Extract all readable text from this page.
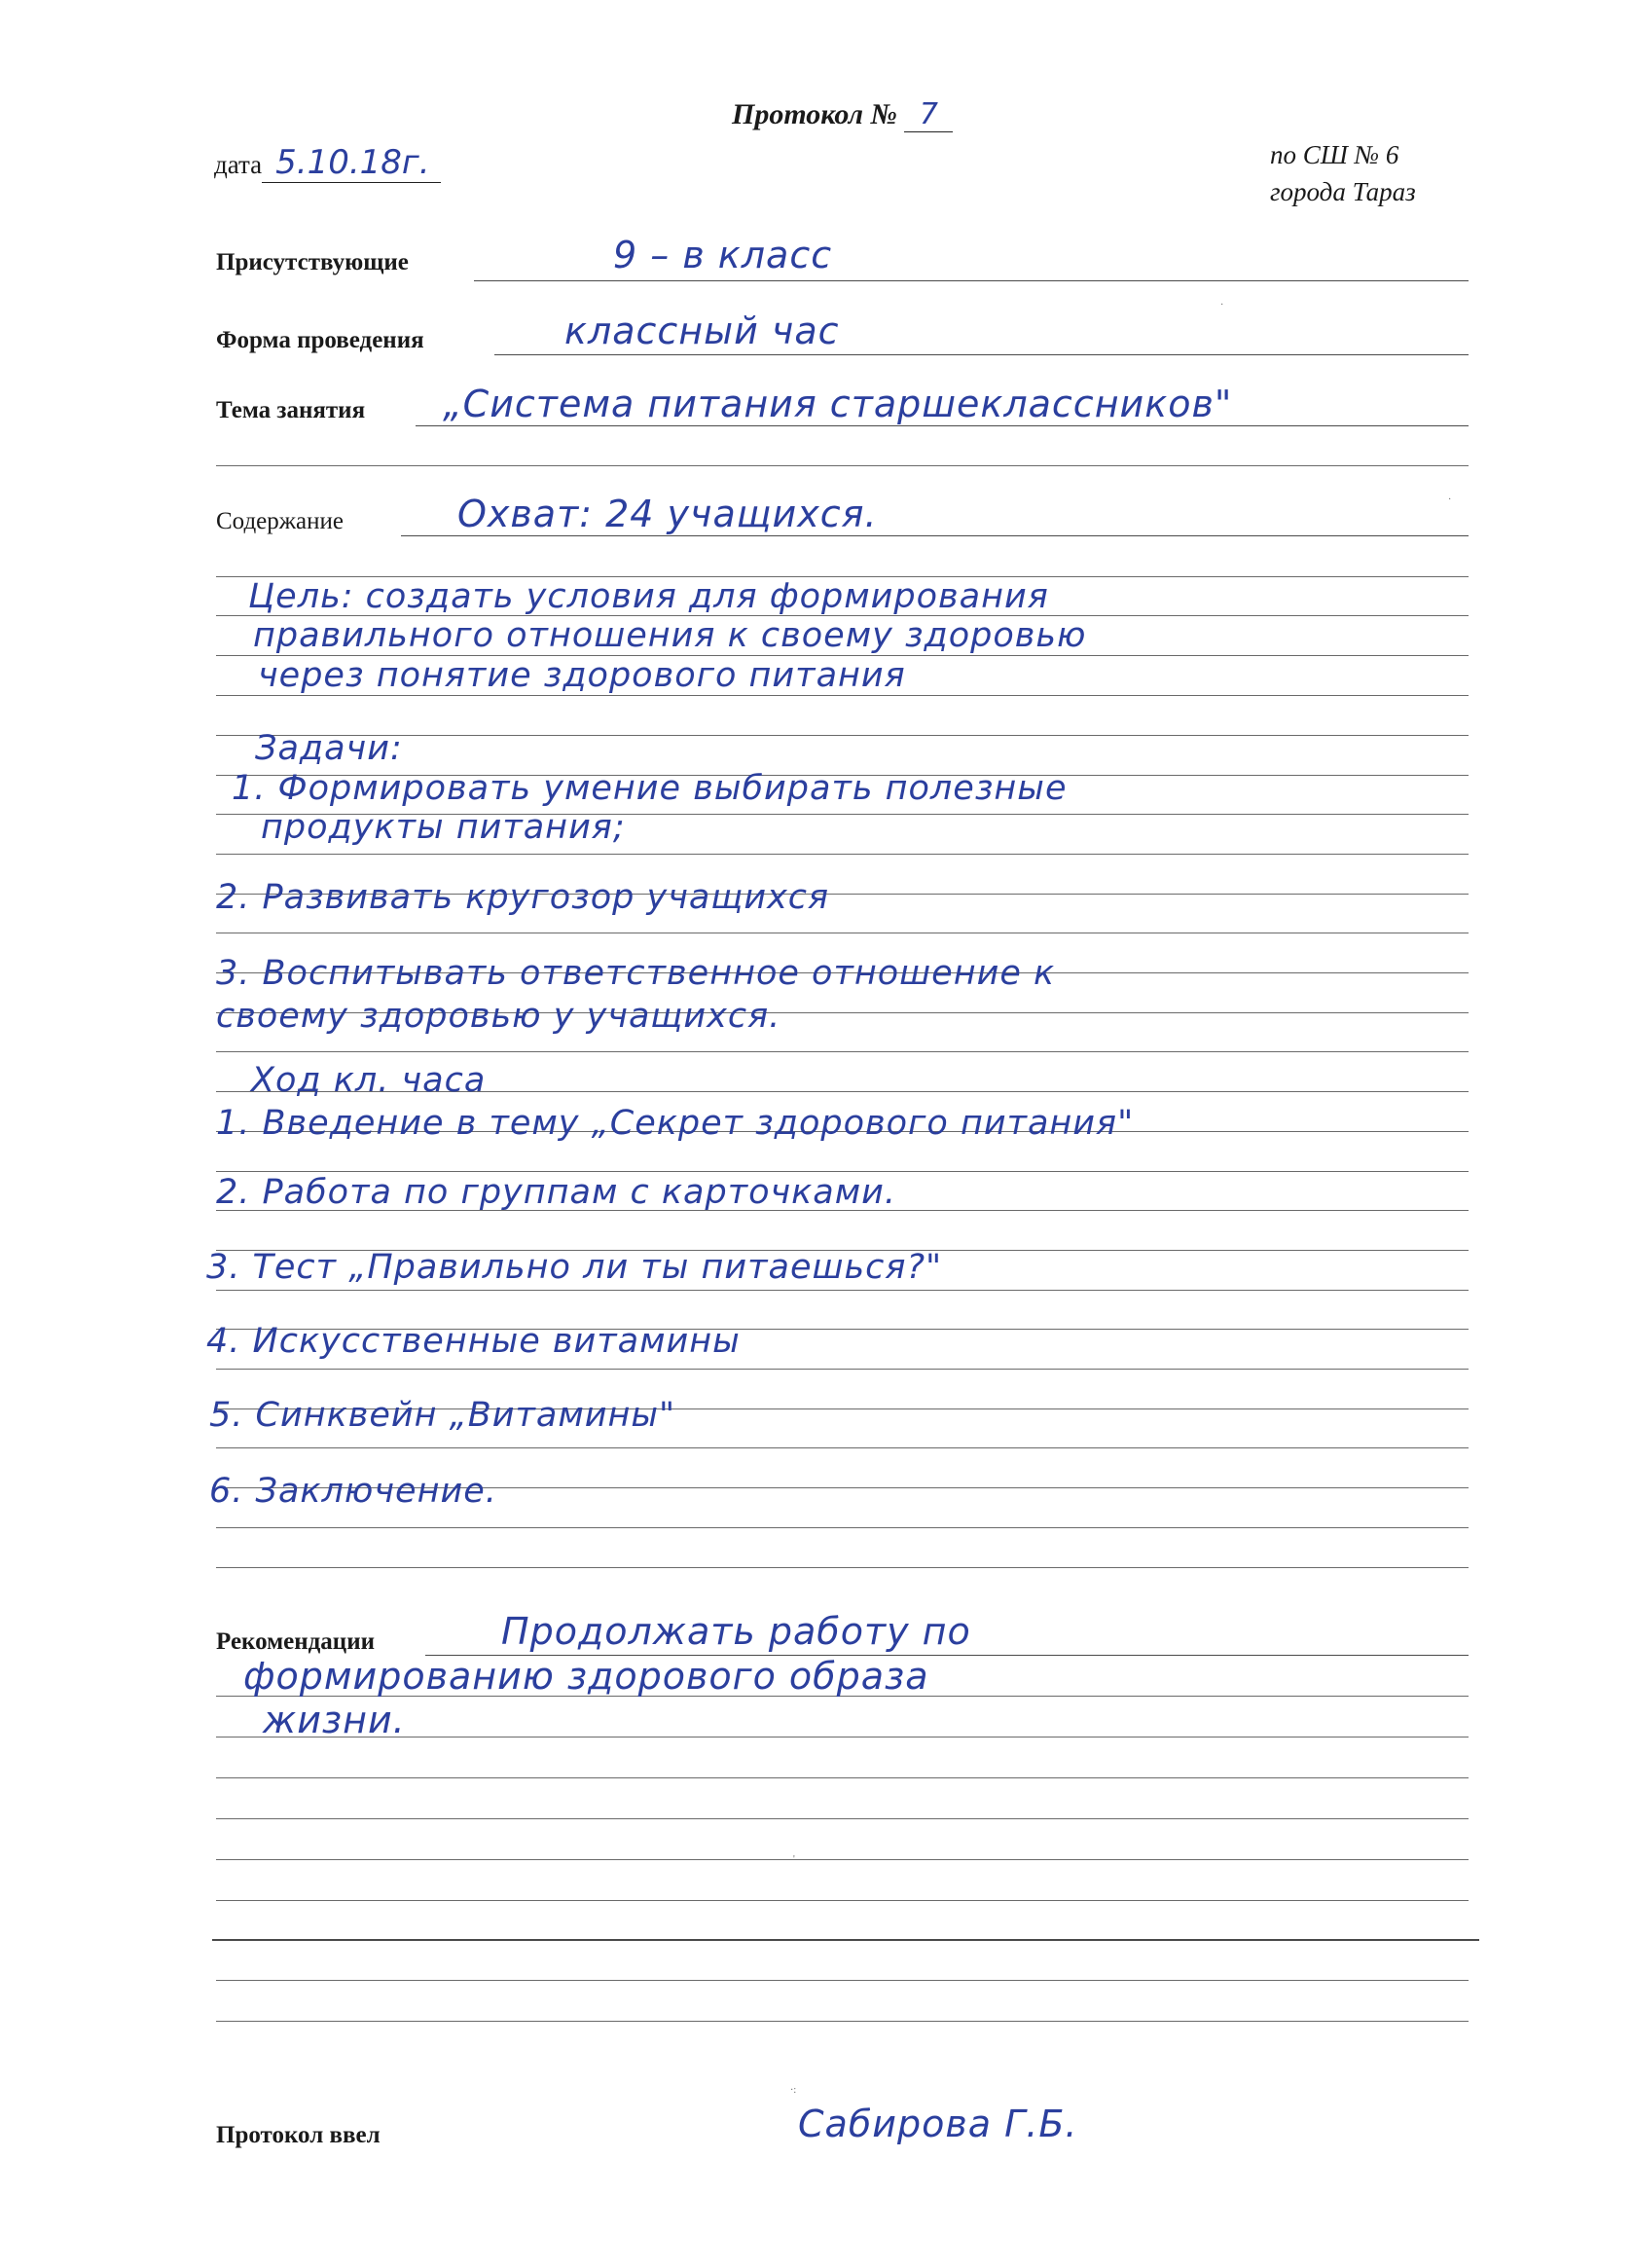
Протокол № 7
дата 5.10.18г.	по СШ № 6
города Тараз
Присутствующие	9 – в класс
Форма проведения	классный час
Тема занятия „Система питания старшеклассников"
Содержание	Охват: 24 учащихся.
Цель: создать условия для формирования
правильного отношения к своему здоровью
через понятие здорового питания
Задачи:
1. Формировать умение выбирать полезные
продукты питания;
2. Развивать кругозор учащихся
3. Воспитывать ответственное отношение к
своему здоровью у учащихся.
Ход кл. часа
1. Введение в тему „Секрет здорового питания"
2. Работа по группам с карточками.
3. Тест „Правильно ли ты питаешься?"
4. Искусственные витамины
5. Синквейн „Витамины"
6. Заключение.
Рекомендации	Продолжать работу по
формированию здорового образа
жизни.
Протокол ввел	Сабирова Г.Б.
·
·
'
·:
